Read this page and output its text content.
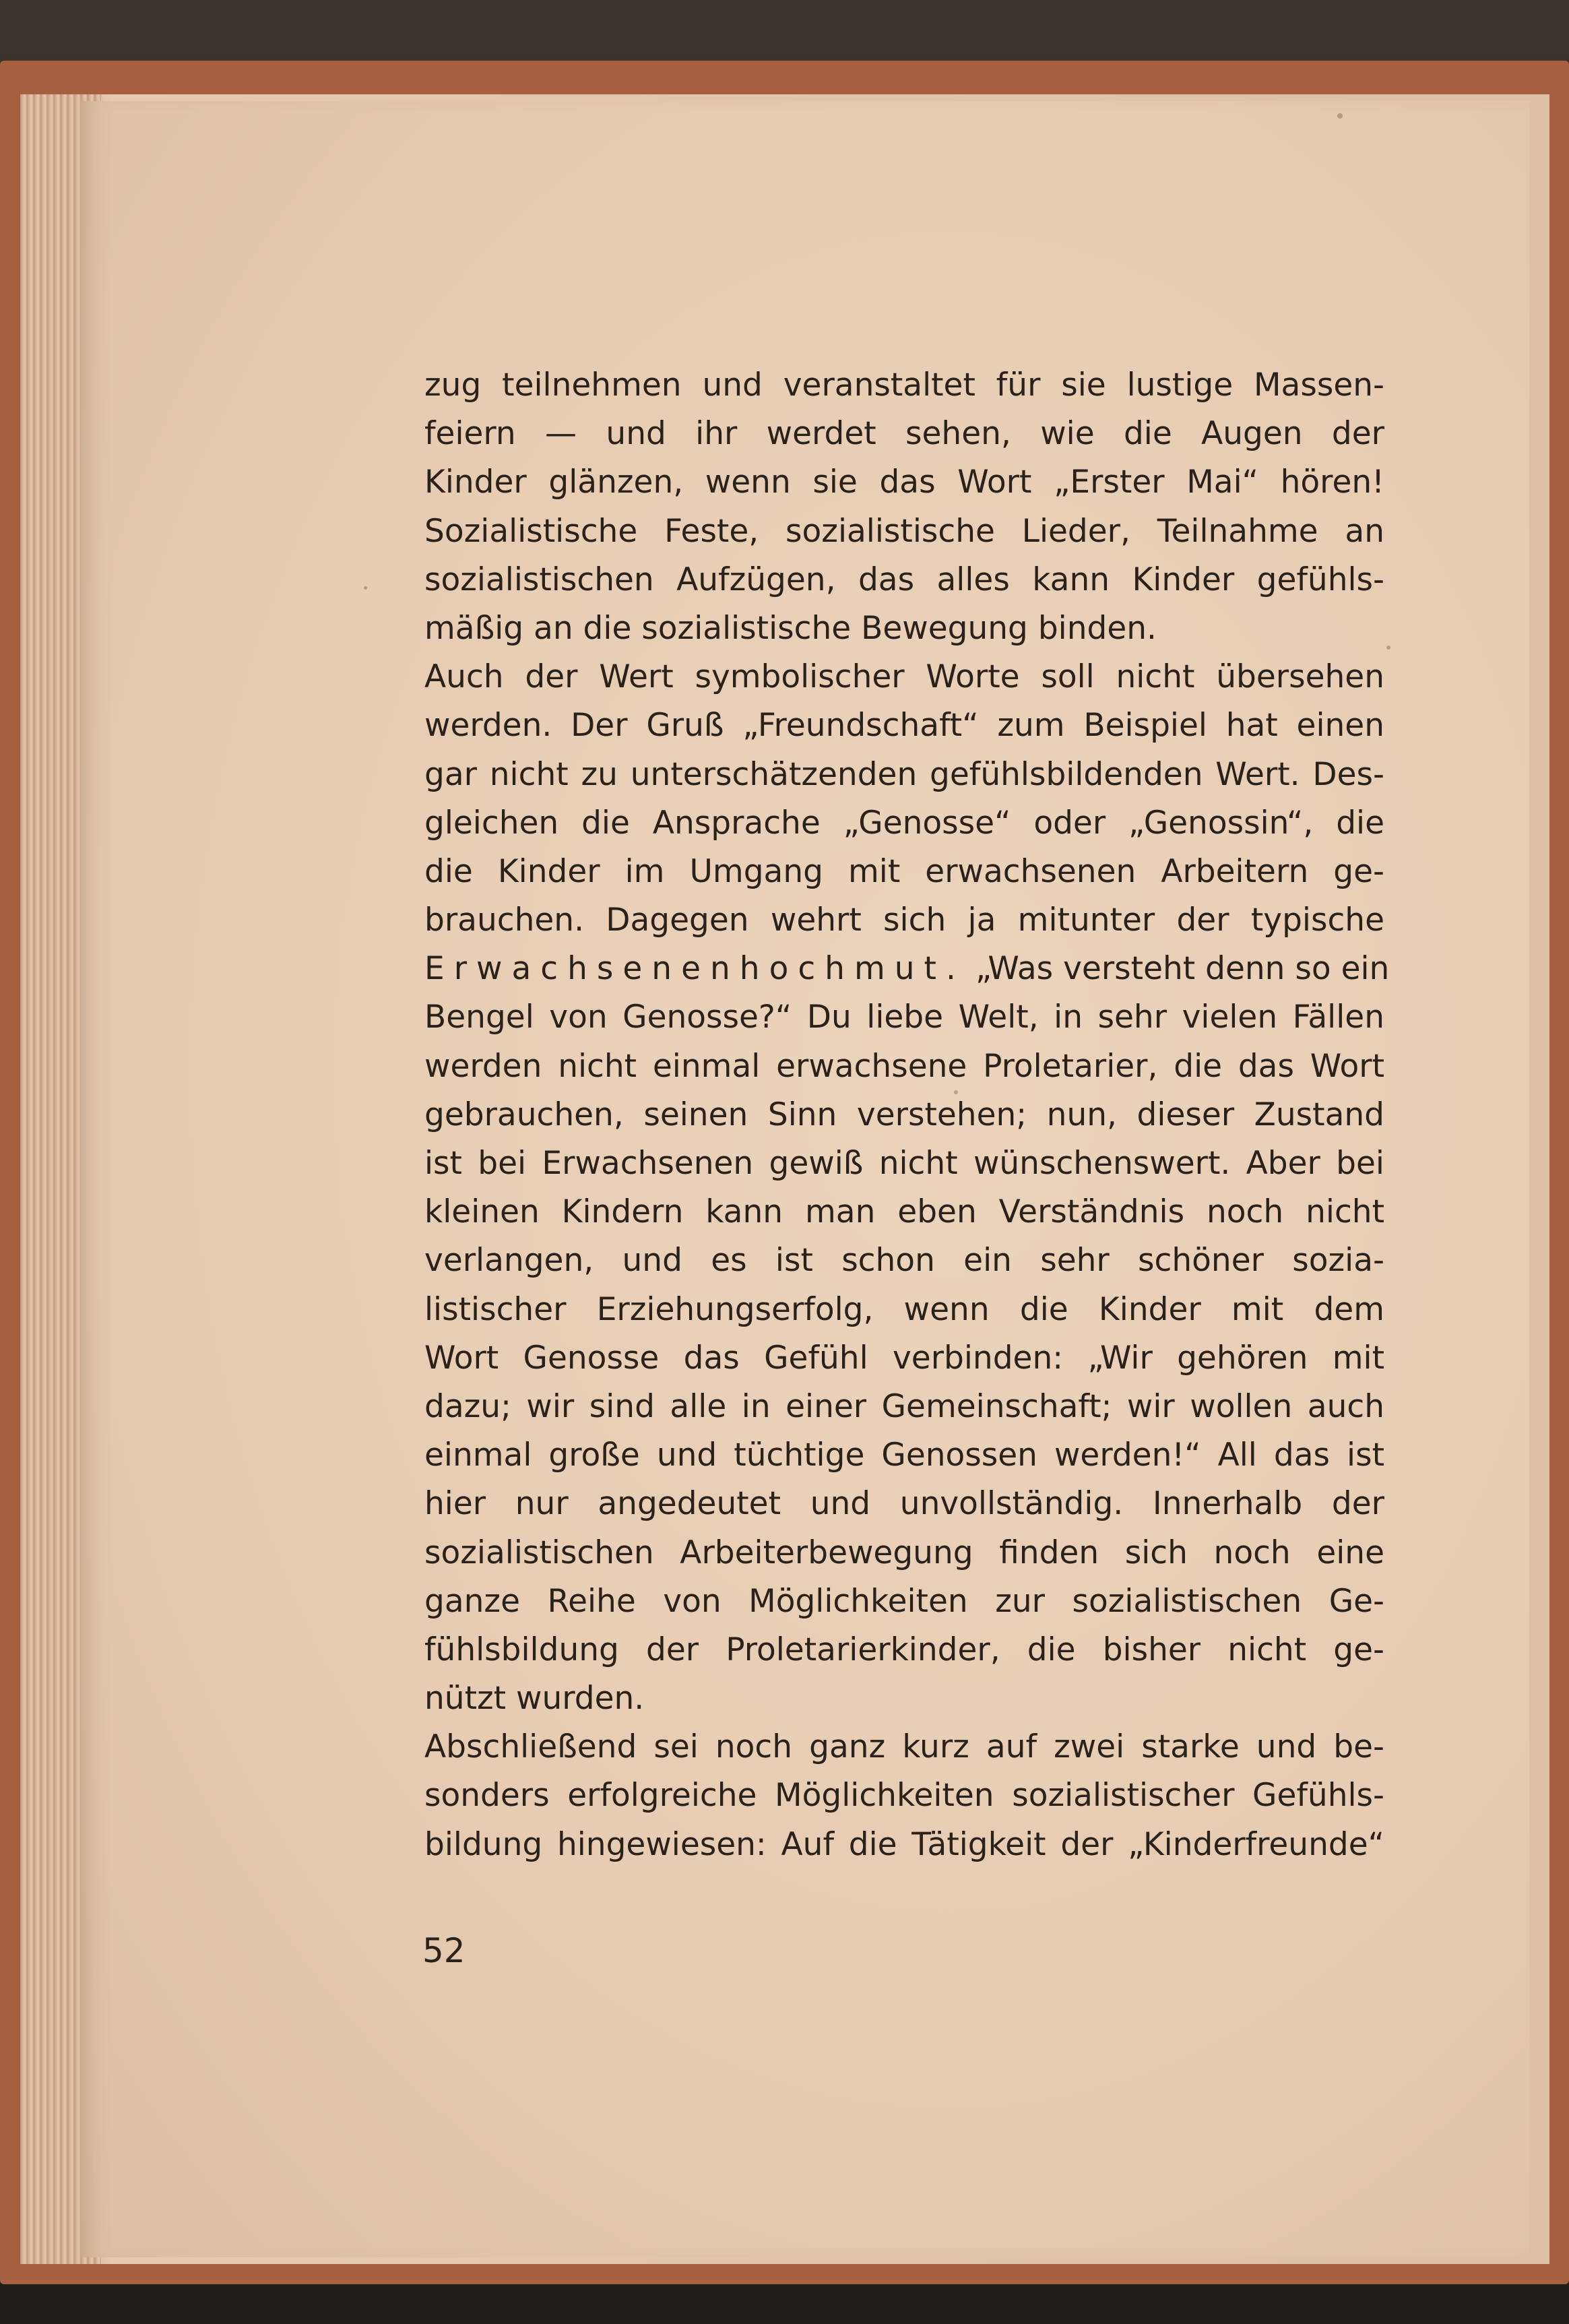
zug teilnehmen und veranstaltet für sie lustige Massen-
feiern — und ihr werdet sehen, wie die Augen der
Kinder glänzen, wenn sie das Wort „Erster Mai“ hören!
Sozialistische Feste, sozialistische Lieder, Teilnahme an
sozialistischen Aufzügen, das alles kann Kinder gefühls-
mäßig an die sozialistische Bewegung binden.
Auch der Wert symbolischer Worte soll nicht übersehen
werden. Der Gruß „Freundschaft“ zum Beispiel hat einen
gar nicht zu unterschätzenden gefühlsbildenden Wert. Des-
gleichen die Ansprache „Genosse“ oder „Genossin“, die
die Kinder im Umgang mit erwachsenen Arbeitern ge-
brauchen. Dagegen wehrt sich ja mitunter der typische
Erwachsenenhochmut. „Was versteht denn so ein
Bengel von Genosse?“ Du liebe Welt, in sehr vielen Fällen
werden nicht einmal erwachsene Proletarier, die das Wort
gebrauchen, seinen Sinn verstehen; nun, dieser Zustand
ist bei Erwachsenen gewiß nicht wünschenswert. Aber bei
kleinen Kindern kann man eben Verständnis noch nicht
verlangen, und es ist schon ein sehr schöner sozia-
listischer Erziehungserfolg, wenn die Kinder mit dem
Wort Genosse das Gefühl verbinden: „Wir gehören mit
dazu; wir sind alle in einer Gemeinschaft; wir wollen auch
einmal große und tüchtige Genossen werden!“ All das ist
hier nur angedeutet und unvollständig. Innerhalb der
sozialistischen Arbeiterbewegung finden sich noch eine
ganze Reihe von Möglichkeiten zur sozialistischen Ge-
fühlsbildung der Proletarierkinder, die bisher nicht ge-
nützt wurden.
Abschließend sei noch ganz kurz auf zwei starke und be-
sonders erfolgreiche Möglichkeiten sozialistischer Gefühls-
bildung hingewiesen: Auf die Tätigkeit der „Kinderfreunde“

52
